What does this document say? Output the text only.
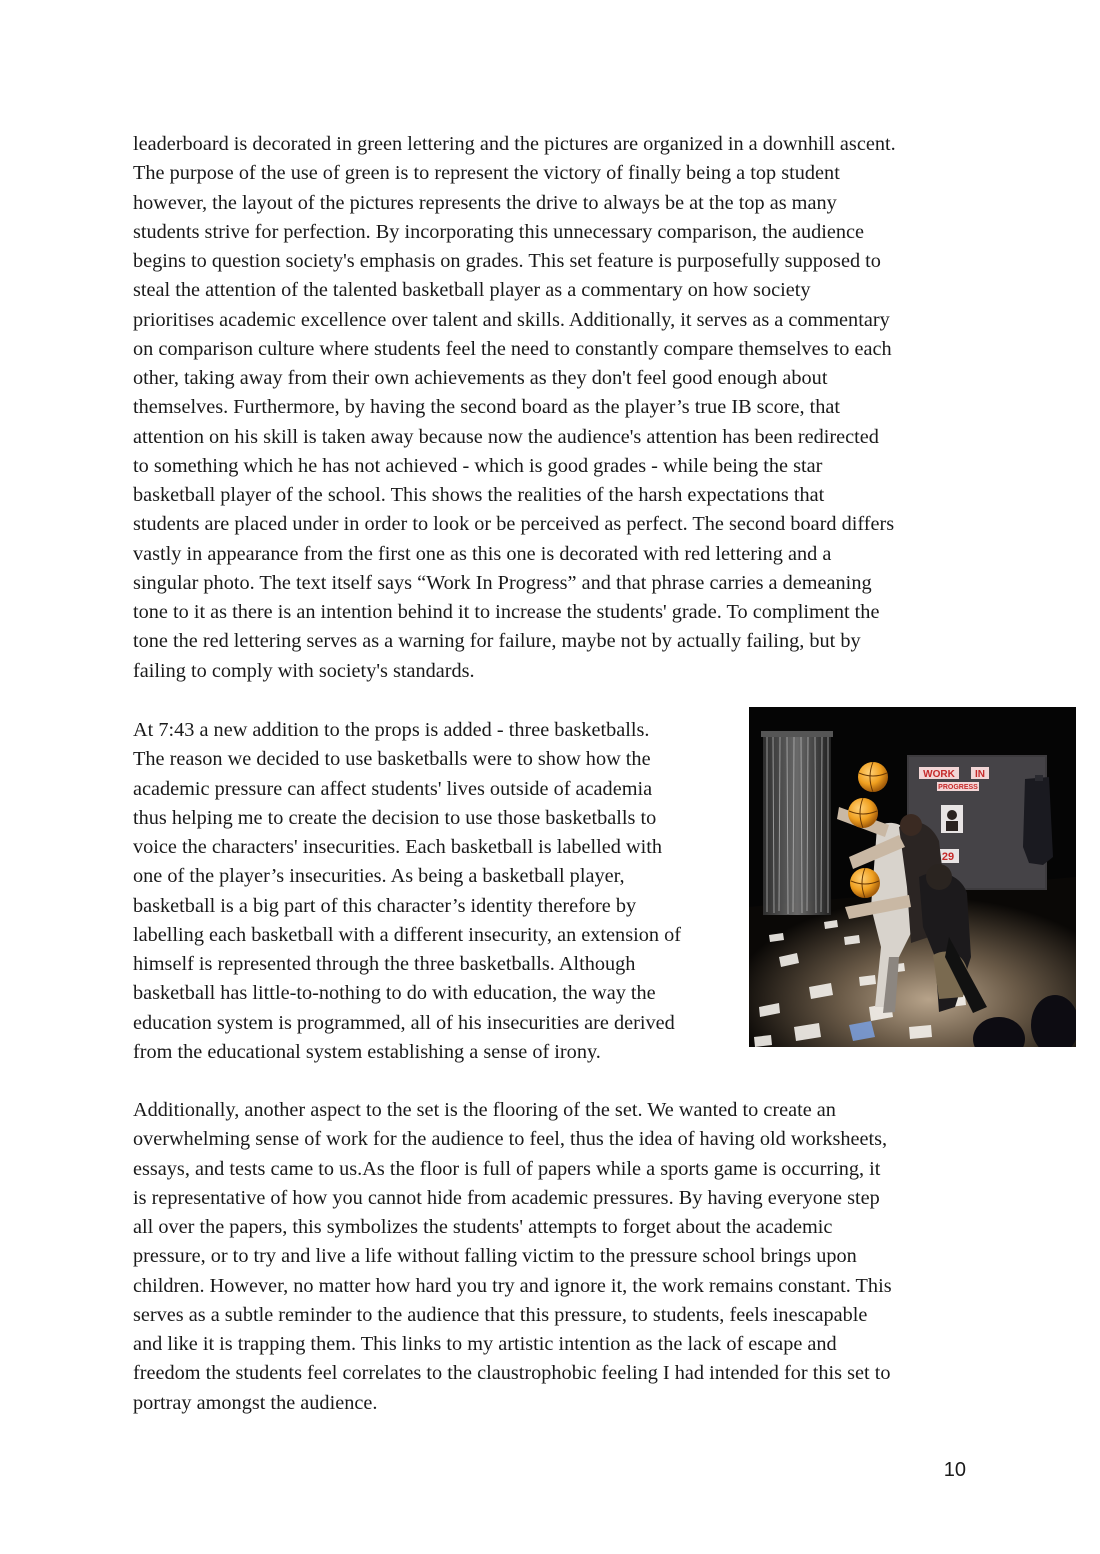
leaderboard is decorated in green lettering and the pictures are organized in a downhill ascent.
The purpose of the use of green is to represent the victory of finally being a top student
however, the layout of the pictures represents the drive to always be at the top as many
students strive for perfection. By incorporating this unnecessary comparison, the audience
begins to question society's emphasis on grades. This set feature is purposefully supposed to
steal the attention of the talented basketball player as a commentary on how society
prioritises academic excellence over talent and skills. Additionally, it serves as a commentary
on comparison culture where students feel the need to constantly compare themselves to each
other, taking away from their own achievements as they don't feel good enough about
themselves. Furthermore, by having the second board as the player’s true IB score, that
attention on his skill is taken away because now the audience's attention has been redirected
to something which he has not achieved - which is good grades - while being the star
basketball player of the school. This shows the realities of the harsh expectations that
students are placed under in order to look or be perceived as perfect. The second board differs
vastly in appearance from the first one as this one is decorated with red lettering and a
singular photo. The text itself says “Work In Progress” and that phrase carries a demeaning
tone to it as there is an intention behind it to increase the students' grade. To compliment the
tone the red lettering serves as a warning for failure, maybe not by actually failing, but by
failing to comply with society's standards.
At 7:43 a new addition to the props is added - three basketballs.
The reason we decided to use basketballs were to show how the
academic pressure can affect students' lives outside of academia
thus helping me to create the decision to use those basketballs to
voice the characters' insecurities. Each basketball is labelled with
one of the player’s insecurities. As being a basketball player,
basketball is a big part of this character’s identity therefore by
labelling each basketball with a different insecurity, an extension of
himself is represented through the three basketballs. Although
basketball has little-to-nothing to do with education, the way the
education system is programmed, all of his insecurities are derived
from the educational system establishing a sense of irony.
Additionally, another aspect to the set is the flooring of the set. We wanted to create an
overwhelming sense of work for the audience to feel, thus the idea of having old worksheets,
essays, and tests came to us.As the floor is full of papers while a sports game is occurring, it
is representative of how you cannot hide from academic pressures. By having everyone step
all over the papers, this symbolizes the students' attempts to forget about the academic
pressure, or to try and live a life without falling victim to the pressure school brings upon
children. However, no matter how hard you try and ignore it, the work remains constant. This
serves as a subtle reminder to the audience that this pressure, to students, feels inescapable
and like it is trapping them. This links to my artistic intention as the lack of escape and
freedom the students feel correlates to the claustrophobic feeling I had intended for this set to
portray amongst the audience.
WORK IN
PROGRESS
29
10
